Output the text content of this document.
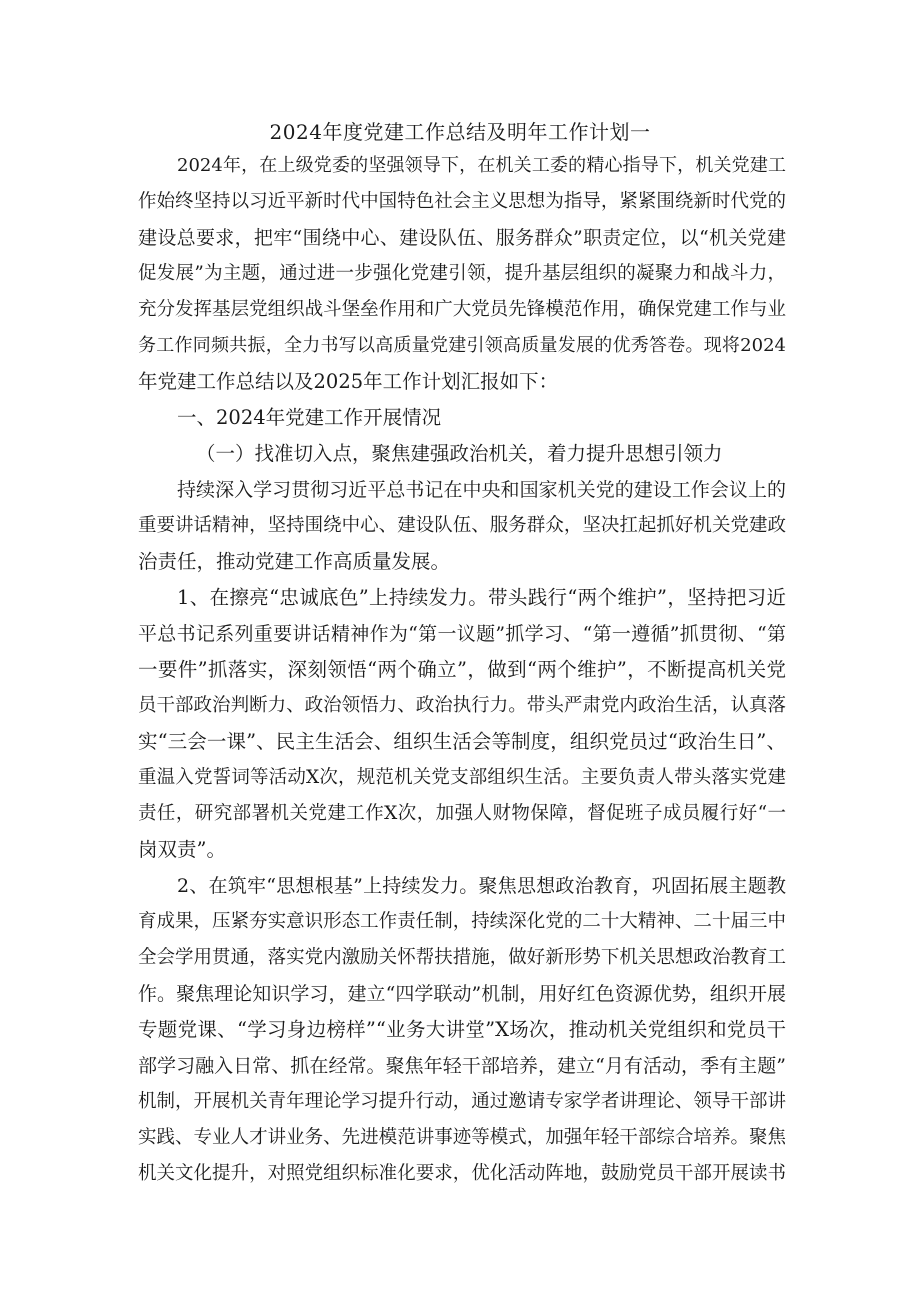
2024年度党建工作总结及明年工作计划一
2024年，在上级党委的坚强领导下，在机关工委的精心指导下，机关党建工
作始终坚持以习近平新时代中国特色社会主义思想为指导，紧紧围绕新时代党的
建设总要求，把牢“围绕中心、建设队伍、服务群众”职责定位，以“机关党建
促发展”为主题，通过进一步强化党建引领，提升基层组织的凝聚力和战斗力，
充分发挥基层党组织战斗堡垒作用和广大党员先锋模范作用，确保党建工作与业
务工作同频共振，全力书写以高质量党建引领高质量发展的优秀答卷。现将2024
年党建工作总结以及2025年工作计划汇报如下：
一、2024年党建工作开展情况
（一）找准切入点，聚焦建强政治机关，着力提升思想引领力
持续深入学习贯彻习近平总书记在中央和国家机关党的建设工作会议上的
重要讲话精神，坚持围绕中心、建设队伍、服务群众，坚决扛起抓好机关党建政
治责任，推动党建工作高质量发展。
1、在擦亮“忠诚底色”上持续发力。带头践行“两个维护”，坚持把习近
平总书记系列重要讲话精神作为“第一议题”抓学习、“第一遵循”抓贯彻、“第
一要件”抓落实，深刻领悟“两个确立”，做到“两个维护”，不断提高机关党
员干部政治判断力、政治领悟力、政治执行力。带头严肃党内政治生活，认真落
实“三会一课”、民主生活会、组织生活会等制度，组织党员过“政治生日”、
重温入党誓词等活动X次，规范机关党支部组织生活。主要负责人带头落实党建
责任，研究部署机关党建工作X次，加强人财物保障，督促班子成员履行好“一
岗双责”。
2、在筑牢“思想根基”上持续发力。聚焦思想政治教育，巩固拓展主题教
育成果，压紧夯实意识形态工作责任制，持续深化党的二十大精神、二十届三中
全会学用贯通，落实党内激励关怀帮扶措施，做好新形势下机关思想政治教育工
作。聚焦理论知识学习，建立“四学联动”机制，用好红色资源优势，组织开展
专题党课、“学习身边榜样”“业务大讲堂”X场次，推动机关党组织和党员干
部学习融入日常、抓在经常。聚焦年轻干部培养，建立“月有活动，季有主题”
机制，开展机关青年理论学习提升行动，通过邀请专家学者讲理论、领导干部讲
实践、专业人才讲业务、先进模范讲事迹等模式，加强年轻干部综合培养。聚焦
机关文化提升，对照党组织标准化要求，优化活动阵地，鼓励党员干部开展读书
